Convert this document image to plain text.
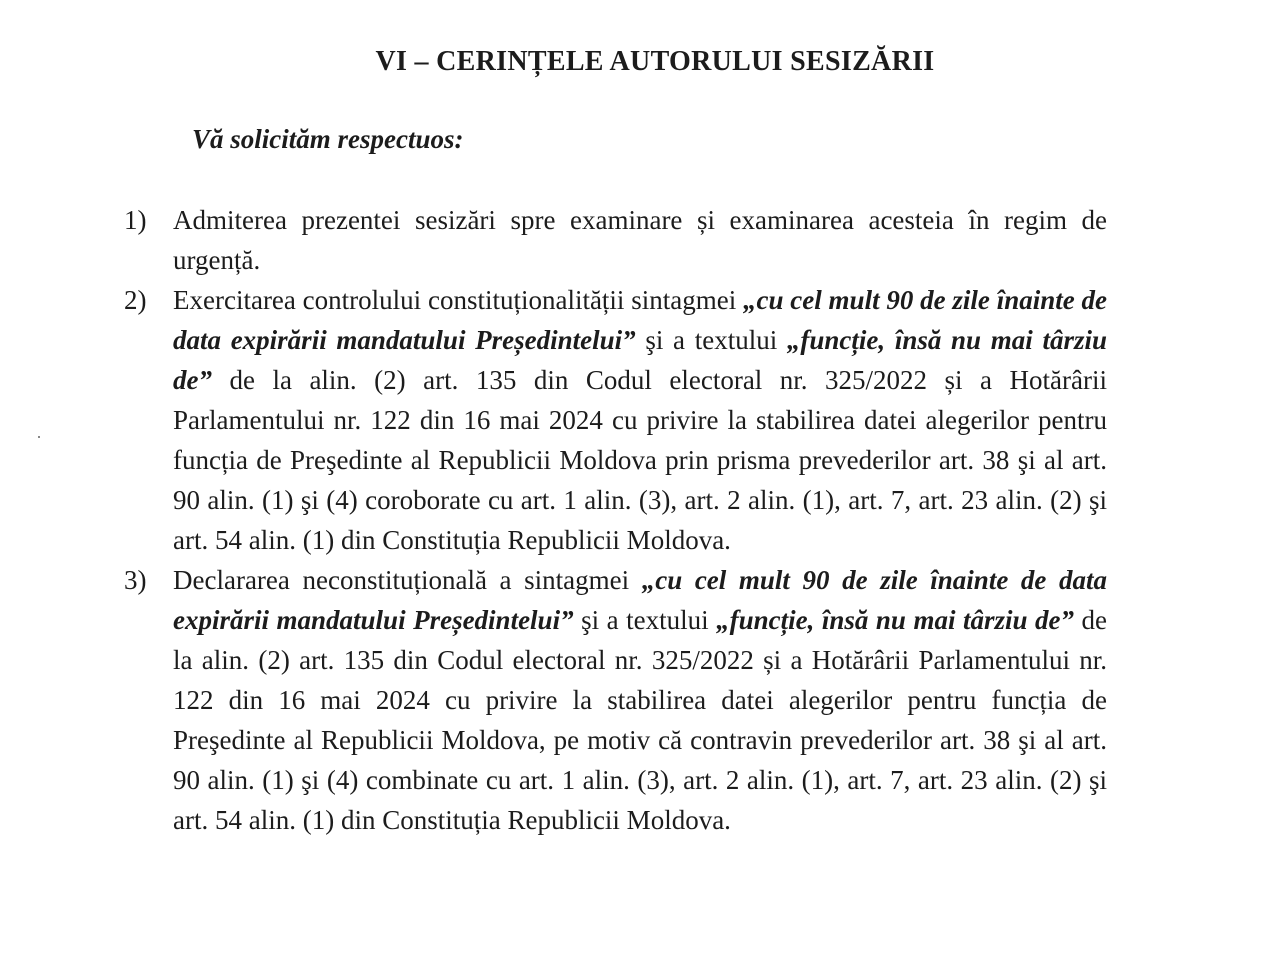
VI – CERINȚELE AUTORULUI SESIZĂRII

Vă solicităm respectuos:

1) Admiterea prezentei sesizări spre examinare și examinarea acesteia în regim de urgență.
2) Exercitarea controlului constituționalității sintagmei „cu cel mult 90 de zile înainte de data expirării mandatului Președintelui” şi a textului „funcție, însă nu mai târziu de” de la alin. (2) art. 135 din Codul electoral nr. 325/2022 și a Hotărârii Parlamentului nr. 122 din 16 mai 2024 cu privire la stabilirea datei alegerilor pentru funcția de Preşedinte al Republicii Moldova prin prisma prevederilor art. 38 şi al art. 90 alin. (1) şi (4) coroborate cu art. 1 alin. (3), art. 2 alin. (1), art. 7, art. 23 alin. (2) şi art. 54 alin. (1) din Constituția Republicii Moldova.
3) Declararea neconstituțională a sintagmei „cu cel mult 90 de zile înainte de data expirării mandatului Președintelui” şi a textului „funcție, însă nu mai târziu de” de la alin. (2) art. 135 din Codul electoral nr. 325/2022 și a Hotărârii Parlamentului nr. 122 din 16 mai 2024 cu privire la stabilirea datei alegerilor pentru funcția de Preşedinte al Republicii Moldova, pe motiv că contravin prevederilor art. 38 şi al art. 90 alin. (1) şi (4) combinate cu art. 1 alin. (3), art. 2 alin. (1), art. 7, art. 23 alin. (2) şi art. 54 alin. (1) din Constituția Republicii Moldova.
